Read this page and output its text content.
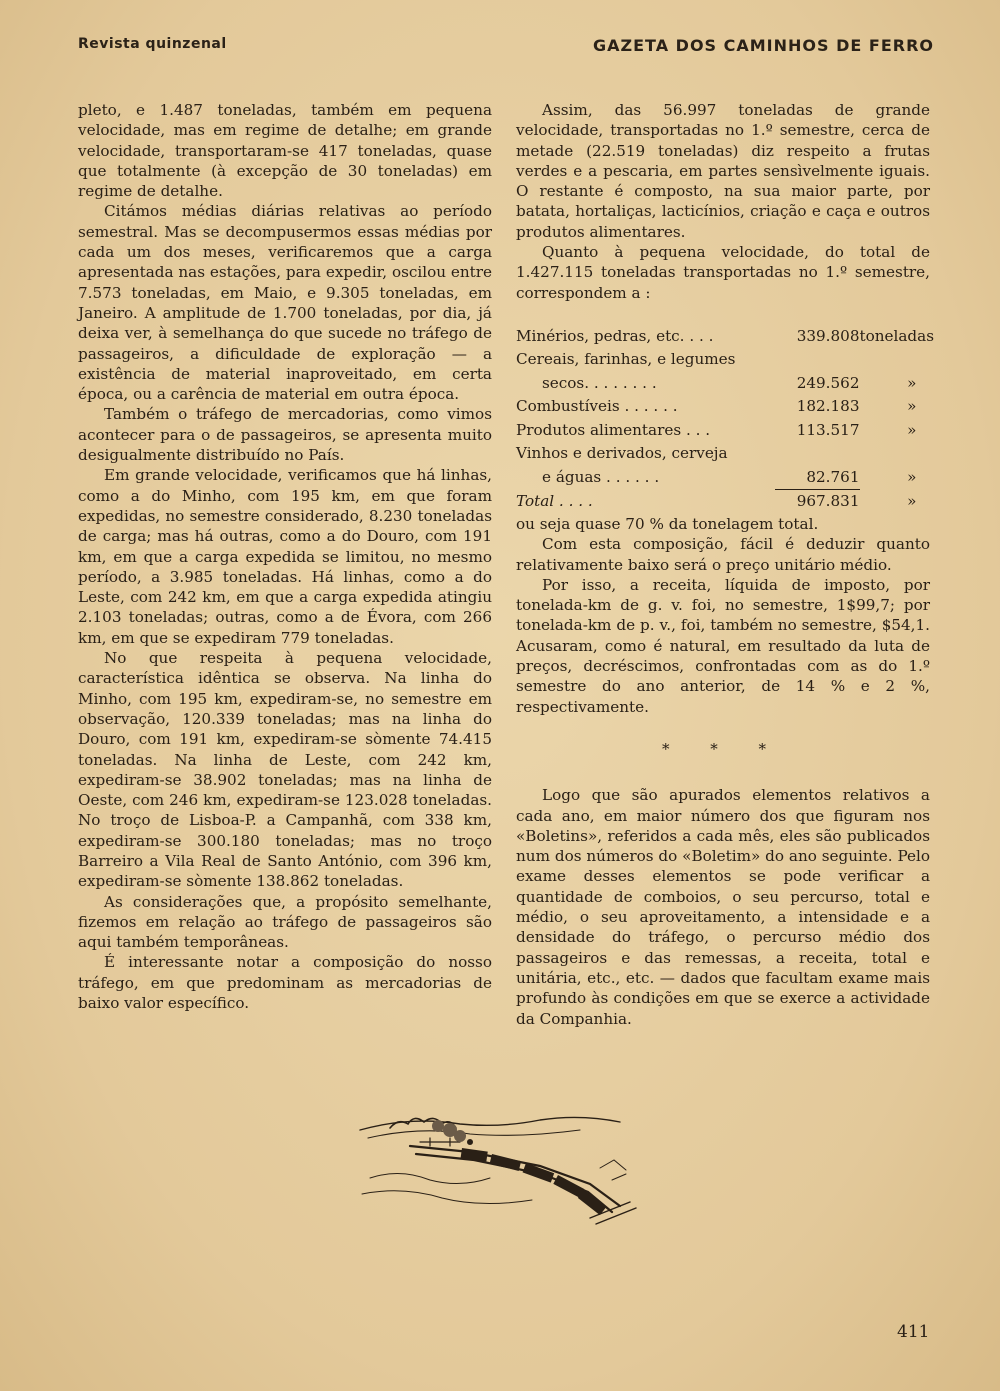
Revista quinzenal	GAZETA DOS CAMINHOS DE FERRO

pleto, e 1.487 toneladas, também em pequena velocidade, mas em regime de detalhe; em grande velocidade, transportaram-se 417 toneladas, quase que totalmente (à excepção de 30 toneladas) em regime de detalhe.

Citámos médias diárias relativas ao período semestral. Mas se decompusermos essas médias por cada um dos meses, verificaremos que a carga apresentada nas estações, para expedir, oscilou entre 7.573 toneladas, em Maio, e 9.305 toneladas, em Janeiro. A amplitude de 1.700 toneladas, por dia, já deixa ver, à semelhança do que sucede no tráfego de passageiros, a dificuldade de exploração — a existência de material inaproveitado, em certa época, ou a carência de material em outra época.

Também o tráfego de mercadorias, como vimos acontecer para o de passageiros, se apresenta muito desigualmente distribuído no País.

Em grande velocidade, verificamos que há linhas, como a do Minho, com 195 km, em que foram expedidas, no semestre considerado, 8.230 toneladas de carga; mas há outras, como a do Douro, com 191 km, em que a carga expedida se limitou, no mesmo período, a 3.985 toneladas. Há linhas, como a do Leste, com 242 km, em que a carga expedida atingiu 2.103 toneladas; outras, como a de Évora, com 266 km, em que se expediram 779 toneladas.

No que respeita à pequena velocidade, característica idêntica se observa. Na linha do Minho, com 195 km, expediram-se, no semestre em observação, 120.339 toneladas; mas na linha do Douro, com 191 km, expediram-se sòmente 74.415 toneladas. Na linha de Leste, com 242 km, expediram-se 38.902 toneladas; mas na linha de Oeste, com 246 km, expediram-se 123.028 toneladas. No troço de Lisboa-P. a Campanhã, com 338 km, expediram-se 300.180 toneladas; mas no troço Barreiro a Vila Real de Santo António, com 396 km, expediram-se sòmente 138.862 toneladas.

As considerações que, a propósito semelhante, fizemos em relação ao tráfego de passageiros são aqui também temporâneas.

É interessante notar a composição do nosso tráfego, em que predominam as mercadorias de baixo valor específico.

Assim, das 56.997 toneladas de grande velocidade, transportadas no 1.º semestre, cerca de metade (22.519 toneladas) diz respeito a frutas verdes e a pescaria, em partes sensìvelmente iguais. O restante é composto, na sua maior parte, por batata, hortaliças, lacticínios, criação e caça e outros produtos alimentares.

Quanto à pequena velocidade, do total de 1.427.115 toneladas transportadas no 1.º semestre, correspondem a :

Minérios, pedras, etc. . . .	339.808	toneladas
Cereais, farinhas, e legumes		
secos. . . . . . . .	249.562	»
Combustíveis . . . . . .	182.183	»
Produtos alimentares . . .	113.517	»
Vinhos e derivados, cerveja		
e águas . . . . . .	82.761	»
Total . . . .	967.831	»

ou seja quase 70 % da tonelagem total.

Com esta composição, fácil é deduzir quanto relativamente baixo será o preço unitário médio.

Por isso, a receita, líquida de imposto, por tonelada-km de g. v. foi, no semestre, 1$99,7; por tonelada-km de p. v., foi, também no semestre, $54,1. Acusaram, como é natural, em resultado da luta de preços, decréscimos, confrontadas com as do 1.º semestre do ano anterior, de 14 % e 2 %, respectivamente.

* * *

Logo que são apurados elementos relativos a cada ano, em maior número dos que figuram nos «Boletins», referidos a cada mês, eles são publicados num dos números do «Boletim» do ano seguinte. Pelo exame desses elementos se pode verificar a quantidade de comboios, o seu percurso, total e médio, o seu aproveitamento, a intensidade e a densidade do tráfego, o percurso médio dos passageiros e das remessas, a receita, total e unitária, etc., etc. — dados que facultam exame mais profundo às condições em que se exerce a actividade da Companhia.

411
